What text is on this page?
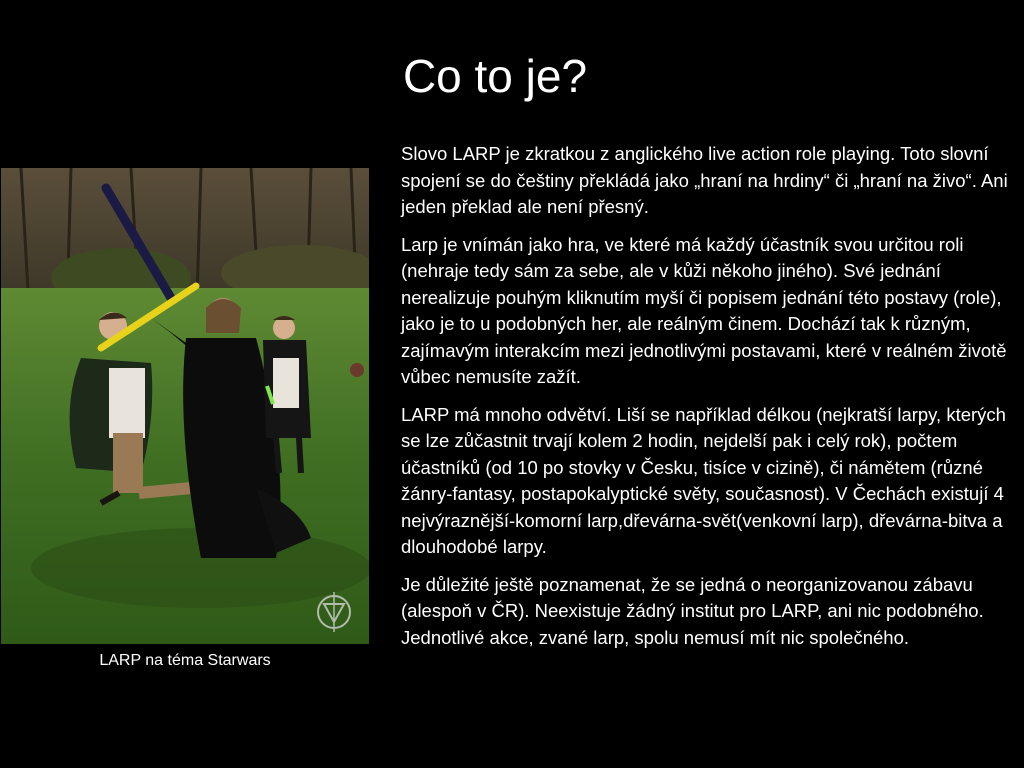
Co to je?
LARP na téma Starwars

Slovo LARP je zkratkou z anglického live action role playing. Toto slovní spojení se do češtiny překládá jako „hraní na hrdiny“ či „hraní na živo“. Ani jeden překlad ale není přesný.

Larp je vnímán jako hra, ve které má každý účastník svou určitou roli (nehraje tedy sám za sebe, ale v kůži někoho jiného). Své jednání nerealizuje pouhým kliknutím myší či popisem jednání této postavy (role), jako je to u podobných her, ale reálným činem. Dochází tak k různým, zajímavým interakcím mezi jednotlivými postavami, které v reálném životě vůbec nemusíte zažít.

LARP má mnoho odvětví. Liší se například délkou (nejkratší larpy, kterých se lze zůčastnit trvají kolem 2 hodin, nejdelší pak i celý rok), počtem účastníků (od 10 po stovky v Česku, tisíce v cizině), či námětem (různé žánry-fantasy, postapokalyptické světy, současnost). V Čechách existují 4 nejvýraznější-komorní larp,dřevárna-svět(venkovní larp), dřevárna-bitva a dlouhodobé larpy.

Je důležité ještě poznamenat, že se jedná o neorganizovanou zábavu (alespoň v ČR). Neexistuje žádný institut pro LARP, ani nic podobného. Jednotlivé akce, zvané larp, spolu nemusí mít nic společného.
